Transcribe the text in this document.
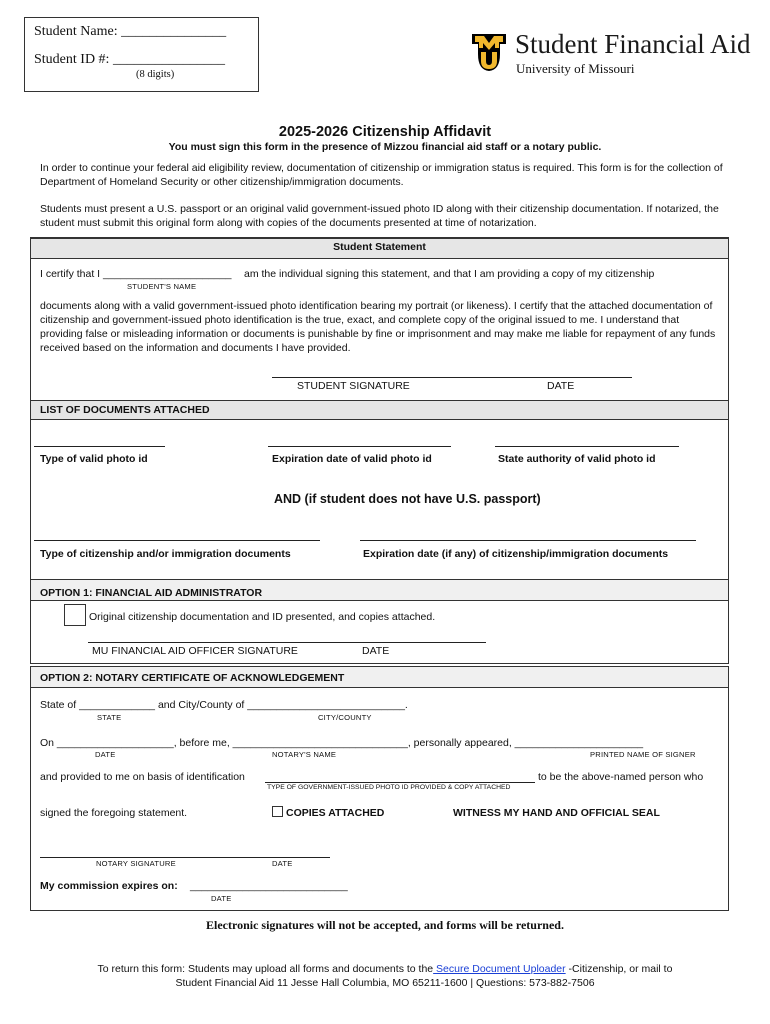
Student Name: _______________
Student ID #: ________________
(8 digits)
Student Financial Aid
University of Missouri
2025-2026 Citizenship Affidavit
You must sign this form in the presence of Mizzou financial aid staff or a notary public.
In order to continue your federal aid eligibility review, documentation of citizenship or immigration status is required. This form is for the collection of Department of Homeland Security or other citizenship/immigration documents.
Students must present a U.S. passport or an original valid government-issued photo ID along with their citizenship documentation. If notarized, the student must submit this original form along with copies of the documents presented at time of notarization.
Student Statement
I certify that I ______________________ am the individual signing this statement, and that I am providing a copy of my citizenship
STUDENT'S NAME
documents along with a valid government-issued photo identification bearing my portrait (or likeness). I certify that the attached documentation of citizenship and government-issued photo identification is the true, exact, and complete copy of the original issued to me. I understand that providing false or misleading information or documents is punishable by fine or imprisonment and may make me liable for repayment of any funds received based on the information and documents I have provided.
STUDENT SIGNATURE	DATE
LIST OF DOCUMENTS ATTACHED
Type of valid photo id	Expiration date of valid photo id	State authority of valid photo id
AND (if student does not have U.S. passport)
Type of citizenship and/or immigration documents	Expiration date (if any) of citizenship/immigration documents
OPTION 1: FINANCIAL AID ADMINISTRATOR
Original citizenship documentation and ID presented, and copies attached.
MU FINANCIAL AID OFFICER SIGNATURE	DATE
OPTION 2: NOTARY CERTIFICATE OF ACKNOWLEDGEMENT
State of _____________ and City/County of ___________________________.
STATE	CITY/COUNTY
On ____________________, before me, ______________________________, personally appeared, ______________________
DATE	NOTARY'S NAME	PRINTED NAME OF SIGNER
and provided to me on basis of identification	to be the above-named person who
TYPE OF GOVERNMENT-ISSUED PHOTO ID PROVIDED & COPY ATTACHED
signed the foregoing statement.	COPIES ATTACHED	WITNESS MY HAND AND OFFICIAL SEAL
NOTARY SIGNATURE	DATE
My commission expires on: ___________________________
DATE
Electronic signatures will not be accepted, and forms will be returned.
To return this form: Students may upload all forms and documents to the Secure Document Uploader -Citizenship, or mail to
Student Financial Aid 11 Jesse Hall Columbia, MO 65211-1600 | Questions: 573-882-7506
